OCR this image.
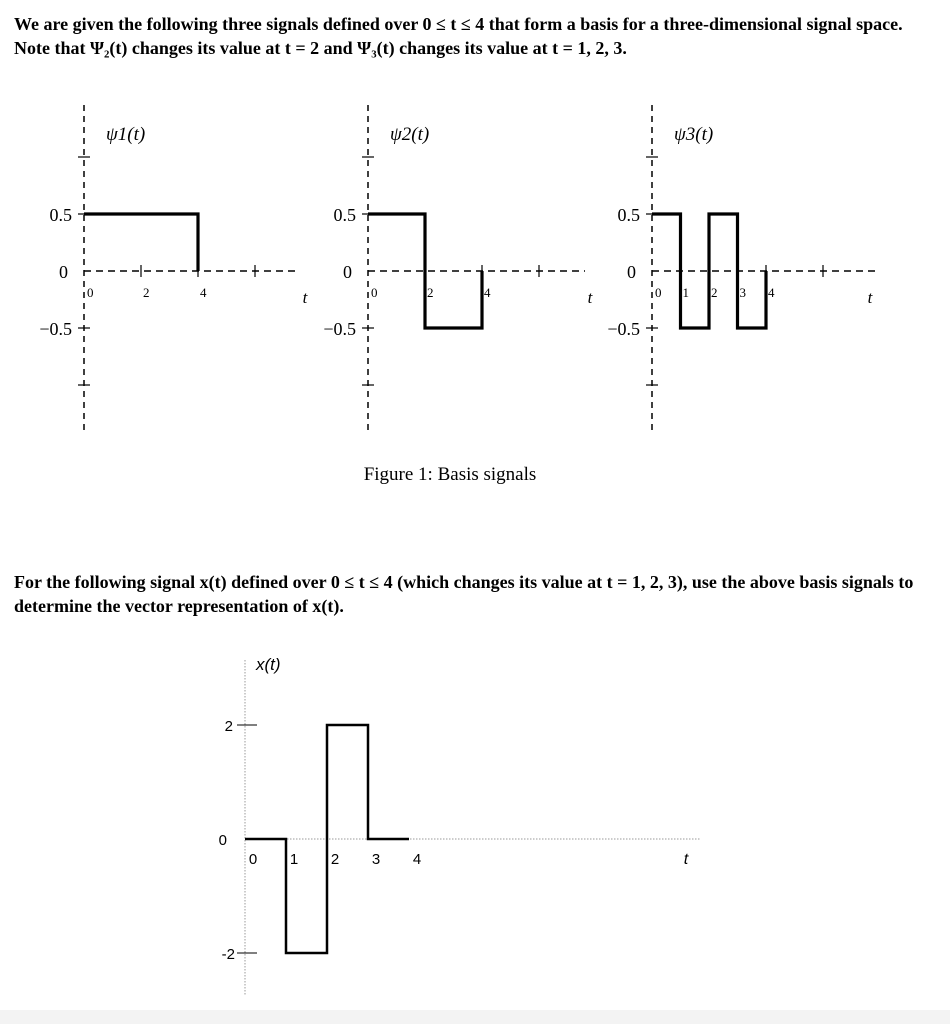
We are given the following three signals defined over 0 ≤ t ≤ 4 that form a basis for a three-dimensional signal space. Note that Ψ₂(t) changes its value at t = 2 and Ψ₃(t) changes its value at t = 1, 2, 3.

0.5
0
−0.5
0	2	4	t
ψ1(t)
0.5
0
−0.5
0	2	4	t
ψ2(t)
0.5
0
−0.5
0 1 2 3 4	t
ψ3(t)
Figure 1: Basis signals
2
0
-2
0 1 2 3 4	t
x(t)

For the following signal x(t) defined over 0 ≤ t ≤ 4 (which changes its value at t = 1, 2, 3), use the above basis signals to determine the vector representation of x(t).
